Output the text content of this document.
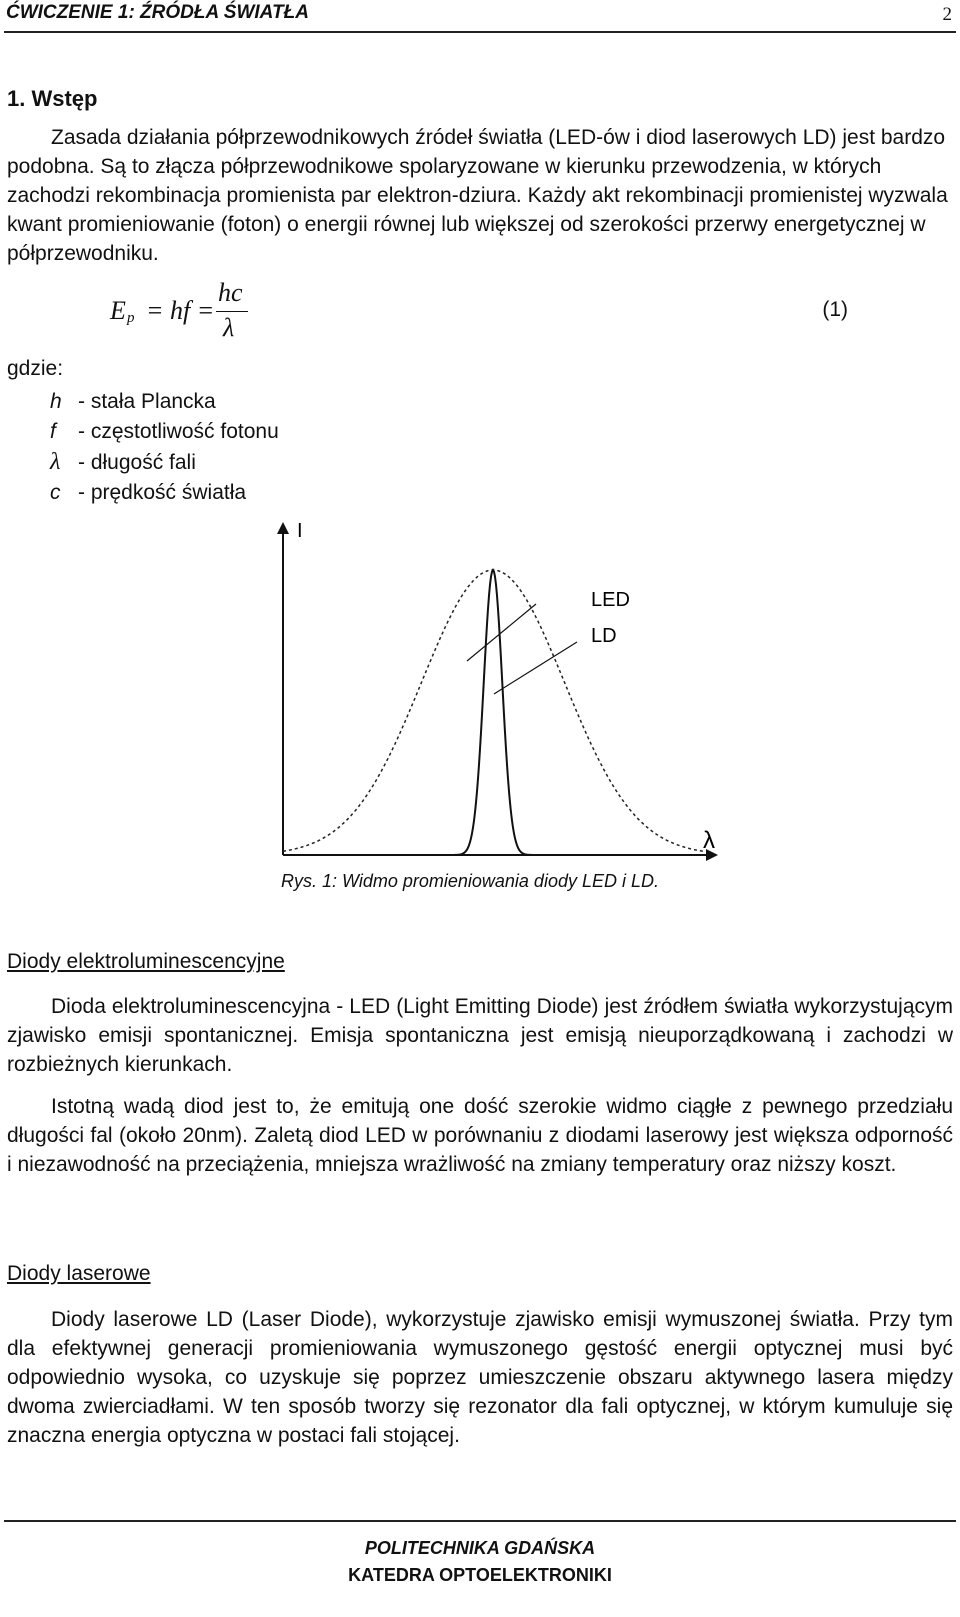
ĆWICZENIE 1: ŹRÓDŁA ŚWIATŁA	2
1. Wstęp

Zasada działania półprzewodnikowych źródeł światła (LED-ów i diod laserowych LD) jest bardzo podobna. Są to złącza półprzewodnikowe spolaryzowane w kierunku przewodzenia, w których zachodzi rekombinacja promienista par elektron-dziura. Każdy akt rekombinacji promienistej wyzwala kwant promieniowanie (foton) o energii równej lub większej od szerokości przerwy energetycznej w półprzewodniku.

E p = hf =
hc
λ
(1)
gdzie:
h - stała Plancka
f - częstotliwość fotonu
λ - długość fali
c - prędkość światła
I
λ
LED
LD
Rys. 1: Widmo promieniowania diody LED i LD.
Diody elektroluminescencyjne

Dioda elektroluminescencyjna - LED (Light Emitting Diode) jest źródłem światła wykorzystującym zjawisko emisji spontanicznej. Emisja spontaniczna jest emisją nieuporządkowaną i zachodzi w rozbieżnych kierunkach.

Istotną wadą diod jest to, że emitują one dość szerokie widmo ciągłe z pewnego przedziału długości fal (około 20nm). Zaletą diod LED w porównaniu z diodami laserowy jest większa odporność i niezawodność na przeciążenia, mniejsza wrażliwość na zmiany temperatury oraz niższy koszt.

Diody laserowe

Diody laserowe LD (Laser Diode), wykorzystuje zjawisko emisji wymuszonej światła. Przy tym dla efektywnej generacji promieniowania wymuszonego gęstość energii optycznej musi być odpowiednio wysoka, co uzyskuje się poprzez umieszczenie obszaru aktywnego lasera między dwoma zwierciadłami. W ten sposób tworzy się rezonator dla fali optycznej, w którym kumuluje się znaczna energia optyczna w postaci fali stojącej.

POLITECHNIKA GDAŃSKA
KATEDRA OPTOELEKTRONIKI
